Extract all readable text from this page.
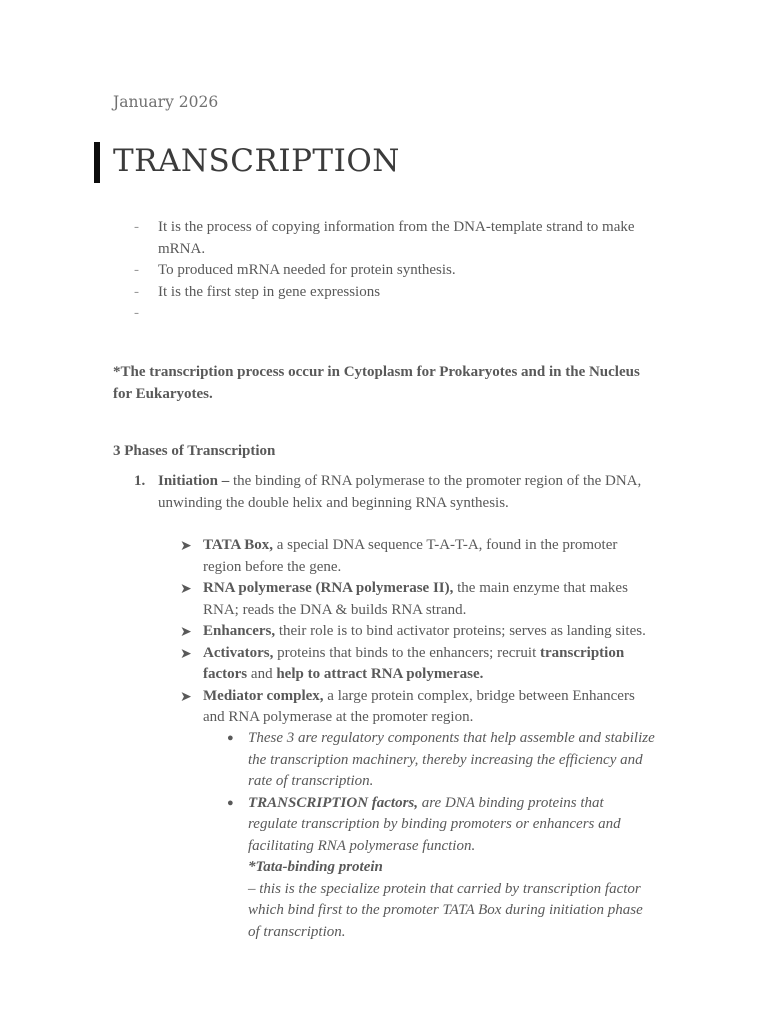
January 2026
TRANSCRIPTION
- It is the process of copying information from the DNA-template strand to make mRNA.
- To produced mRNA needed for protein synthesis.
- It is the first step in gene expressions
-

*The transcription process occur in Cytoplasm for Prokaryotes and in the Nucleus for Eukaryotes.
3 Phases of Transcription
1. Initiation – the binding of RNA polymerase to the promoter region of the DNA, unwinding the double helix and beginning RNA synthesis.
➤ TATA Box, a special DNA sequence T-A-T-A, found in the promoter region before the gene.
➤ RNA polymerase (RNA polymerase II), the main enzyme that makes RNA; reads the DNA & builds RNA strand.
➤ Enhancers, their role is to bind activator proteins; serves as landing sites.
➤ Activators, proteins that binds to the enhancers; recruit transcription factors and help to attract RNA polymerase.
➤ Mediator complex, a large protein complex, bridge between Enhancers and RNA polymerase at the promoter region.
● These 3 are regulatory components that help assemble and stabilize the transcription machinery, thereby increasing the efficiency and rate of transcription.
● TRANSCRIPTION factors, are DNA binding proteins that regulate transcription by binding promoters or enhancers and facilitating RNA polymerase function.
*Tata-binding protein
– this is the specialize protein that carried by transcription factor which bind first to the promoter TATA Box during initiation phase of transcription.
